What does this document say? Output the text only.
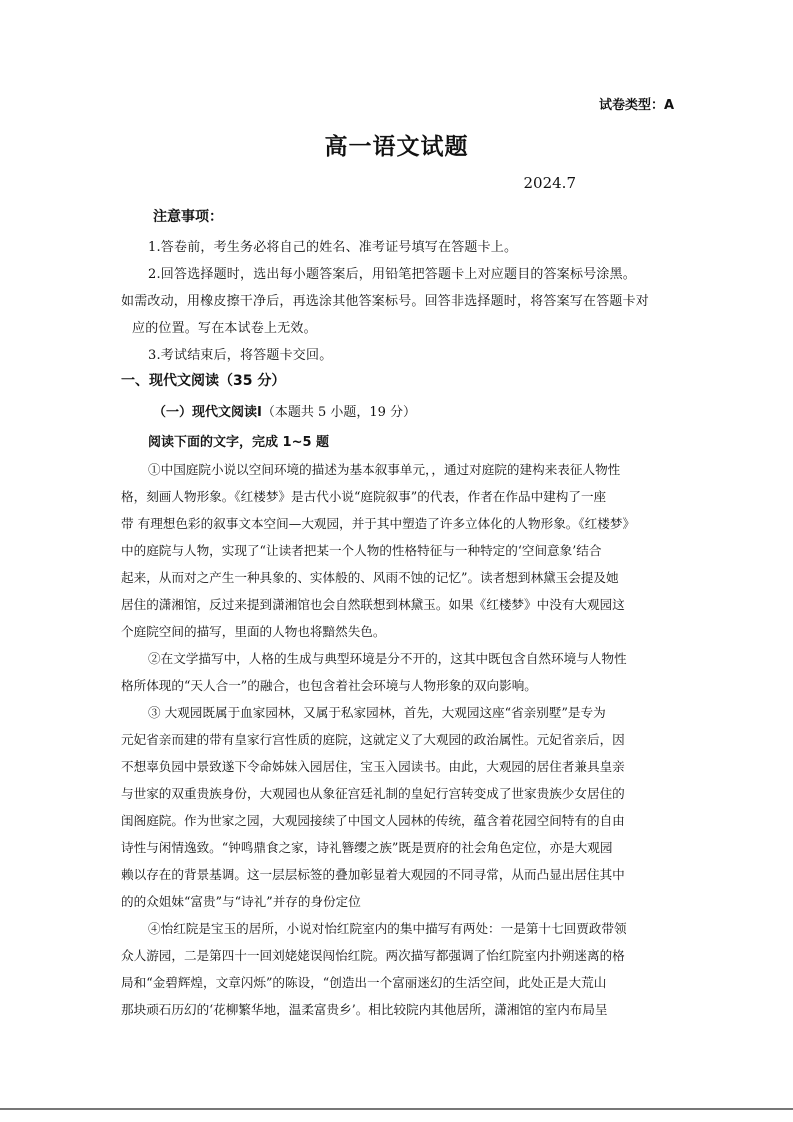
试卷类型：A
高一语文试题
2024.7
注意事项：
1.答卷前，考生务必将自己的姓名、准考证号填写在答题卡上。
2.回答选择题时，选出每小题答案后，用铅笔把答题卡上对应题目的答案标号涂黑。
如需改动，用橡皮擦干净后，再选涂其他答案标号。回答非选择题时，将答案写在答题卡对
应的位置。写在本试卷上无效。
3.考试结束后，将答题卡交回。
一、现代文阅读（35 分）
（一）现代文阅读Ⅰ（本题共 5 小题，19 分）
阅读下面的文字，完成 1~5 题
①中国庭院小说以空间环境的描述为基本叙事单元，，通过对庭院的建构来表征人物性
格，刻画人物形象。《红楼梦》是古代小说“庭院叙事”的代表，作者在作品中建构了一座
带 有理想色彩的叙事文本空间—大观园，并于其中塑造了许多立体化的人物形象。《红楼梦》
中的庭院与人物，实现了“让读者把某一个人物的性格特征与一种特定的‘空间意象’结合
起来，从而对之产生一种具象的、实体般的、风雨不蚀的记忆”。读者想到林黛玉会提及她
居住的潇湘馆，反过来提到潇湘馆也会自然联想到林黛玉。如果《红楼梦》中没有大观园这
个庭院空间的描写，里面的人物也将黯然失色。
②在文学描写中，人格的生成与典型环境是分不开的，这其中既包含自然环境与人物性
格所体现的“天人合一”的融合，也包含着社会环境与人物形象的双向影响。
③ 大观园既属于血家园林，又属于私家园林，首先，大观园这座“省亲别墅”是专为
元妃省亲而建的带有皇家行宫性质的庭院，这就定义了大观园的政治属性。元妃省亲后，因
不想辜负园中景致遂下令命姊妹入园居住，宝玉入园读书。由此，大观园的居住者兼具皇亲
与世家的双重贵族身份，大观园也从象征宫廷礼制的皇妃行宫转变成了世家贵族少女居住的
闺阁庭院。作为世家之园，大观园接续了中国文人园林的传统，蕴含着花园空间特有的自由
诗性与闲情逸致。“钟鸣鼎食之家，诗礼簪缨之族”既是贾府的社会角色定位，亦是大观园
赖以存在的背景基调。这一层层标签的叠加彰显着大观园的不同寻常，从而凸显出居住其中
的的众姐妹“富贵”与“诗礼”并存的身份定位
④怡红院是宝玉的居所，小说对怡红院室内的集中描写有两处：一是第十七回贾政带领
众人游园，二是第四十一回刘姥姥误闯怡红院。两次描写都强调了怡红院室内扑朔迷离的格
局和“金碧辉煌，文章闪烁”的陈设，“创造出一个富丽迷幻的生活空间，此处正是大荒山
那块顽石历幻的‘花柳繁华地，温柔富贵乡’。相比较院内其他居所，潇湘馆的室内布局呈
